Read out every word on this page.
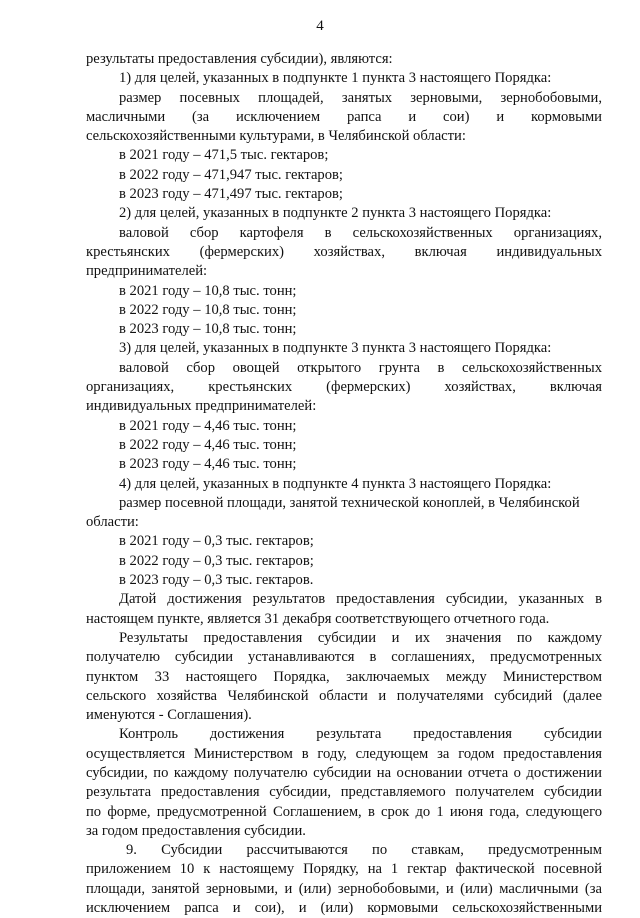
4
результаты предоставления субсидии), являются:
1) для целей, указанных в подпункте 1 пункта 3 настоящего Порядка:
размер посевных площадей, занятых зерновыми, зернобобовыми,
масличными (за исключением рапса и сои) и кормовыми
сельскохозяйственными культурами, в Челябинской области:
в 2021 году – 471,5 тыс. гектаров;
в 2022 году – 471,947 тыс. гектаров;
в 2023 году – 471,497 тыс. гектаров;
2) для целей, указанных в подпункте 2 пункта 3 настоящего Порядка:
валовой сбор картофеля в сельскохозяйственных организациях,
крестьянских (фермерских) хозяйствах, включая индивидуальных
предпринимателей:
в 2021 году – 10,8 тыс. тонн;
в 2022 году – 10,8 тыс. тонн;
в 2023 году – 10,8 тыс. тонн;
3) для целей, указанных в подпункте 3 пункта 3 настоящего Порядка:
валовой сбор овощей открытого грунта в сельскохозяйственных
организациях, крестьянских (фермерских) хозяйствах, включая
индивидуальных предпринимателей:
в 2021 году – 4,46 тыс. тонн;
в 2022 году – 4,46 тыс. тонн;
в 2023 году – 4,46 тыс. тонн;
4) для целей, указанных в подпункте 4 пункта 3 настоящего Порядка:
размер посевной площади, занятой технической коноплей, в Челябинской
области:
в 2021 году – 0,3 тыс. гектаров;
в 2022 году – 0,3 тыс. гектаров;
в 2023 году – 0,3 тыс. гектаров.
Датой достижения результатов предоставления субсидии, указанных в
настоящем пункте, является 31 декабря соответствующего отчетного года.
Результаты предоставления субсидии и их значения по каждому
получателю субсидии устанавливаются в соглашениях, предусмотренных
пунктом 33 настоящего Порядка, заключаемых между Министерством
сельского хозяйства Челябинской области и получателями субсидий (далее
именуются - Соглашения).
Контроль достижения результата предоставления субсидии
осуществляется Министерством в году, следующем за годом предоставления
субсидии, по каждому получателю субсидии на основании отчета о достижении
результата предоставления субсидии, представляемого получателем субсидии
по форме, предусмотренной Соглашением, в срок до 1 июня года, следующего
за годом предоставления субсидии.
9. Субсидии рассчитываются по ставкам, предусмотренным
приложением 10 к настоящему Порядку, на 1 гектар фактической посевной
площади, занятой зерновыми, и (или) зернобобовыми, и (или) масличными (за
исключением рапса и сои), и (или) кормовыми сельскохозяйственными
